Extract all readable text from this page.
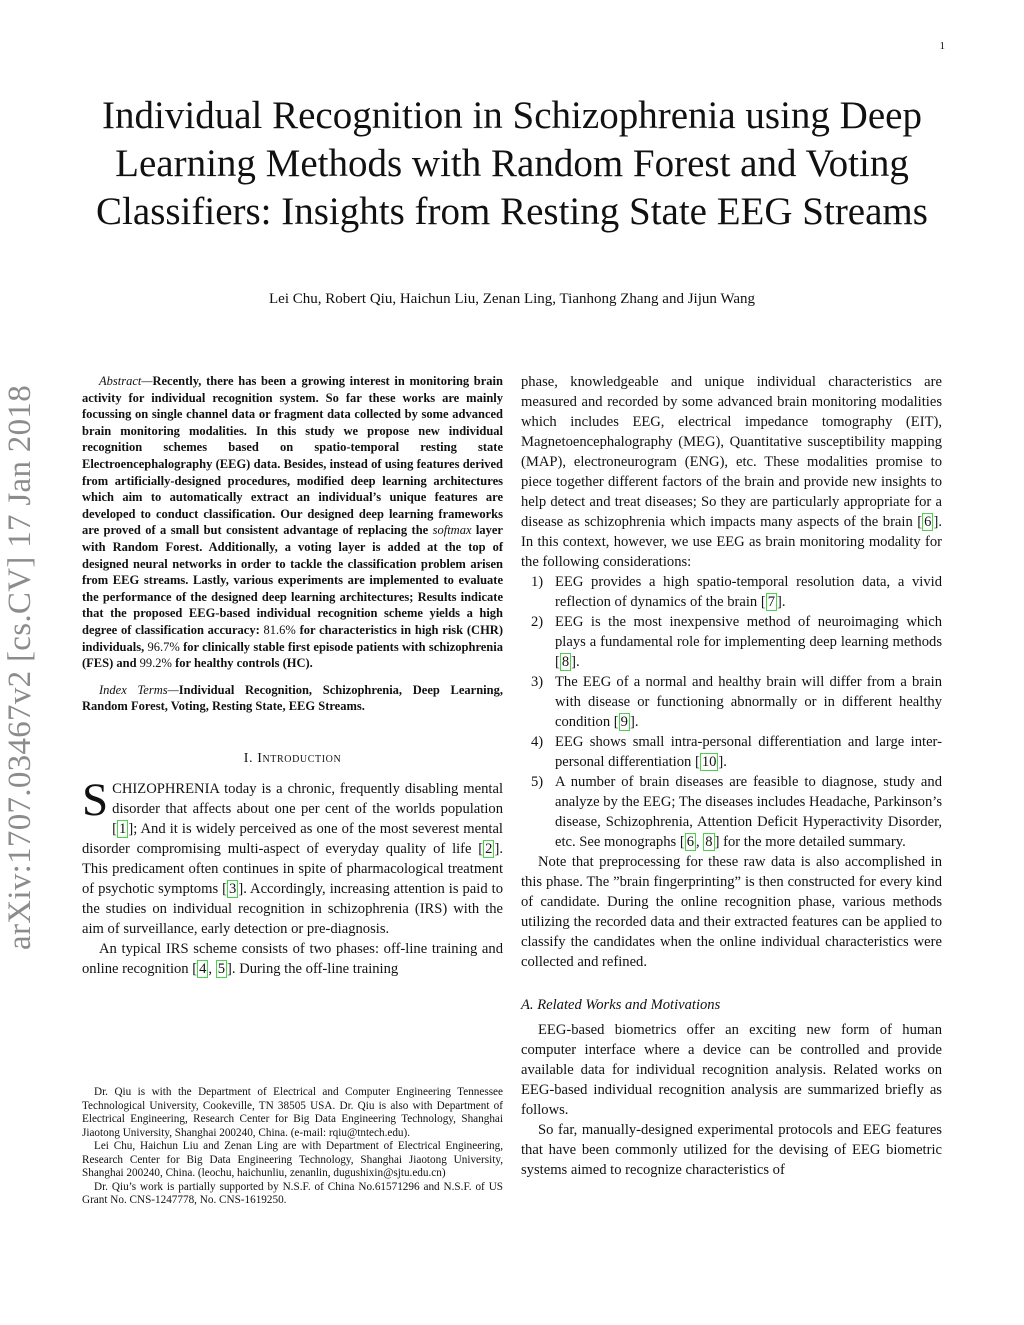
1
arXiv:1707.03467v2 [cs.CV] 17 Jan 2018
Individual Recognition in Schizophrenia using Deep Learning Methods with Random Forest and Voting Classifiers: Insights from Resting State EEG Streams
Lei Chu, Robert Qiu, Haichun Liu, Zenan Ling, Tianhong Zhang and Jijun Wang

Abstract—Recently, there has been a growing interest in monitoring brain activity for individual recognition system. So far these works are mainly focussing on single channel data or fragment data collected by some advanced brain monitoring modalities. In this study we propose new individual recognition schemes based on spatio-temporal resting state Electroencephalography (EEG) data. Besides, instead of using features derived from artificially-designed procedures, modified deep learning architectures which aim to automatically extract an individual’s unique features are developed to conduct classification. Our designed deep learning frameworks are proved of a small but consistent advantage of replacing the softmax layer with Random Forest. Additionally, a voting layer is added at the top of designed neural networks in order to tackle the classification problem arisen from EEG streams. Lastly, various experiments are implemented to evaluate the performance of the designed deep learning architectures; Results indicate that the proposed EEG-based individual recognition scheme yields a high degree of classification accuracy: 81.6% for characteristics in high risk (CHR) individuals, 96.7% for clinically stable first episode patients with schizophrenia (FES) and 99.2% for healthy controls (HC).

Index Terms—Individual Recognition, Schizophrenia, Deep Learning, Random Forest, Voting, Resting State, EEG Streams.

I. Introduction

SCHIZOPHRENIA today is a chronic, frequently disabling mental disorder that affects about one per cent of the worlds population [ 1 ]; And it is widely perceived as one of the most severest mental disorder compromising multi-aspect of everyday quality of life [ 2 ]. This predicament often continues in spite of pharmacological treatment of psychotic symptoms [ 3 ]. Accordingly, increasing attention is paid to the studies on individual recognition in schizophrenia (IRS) with the aim of surveillance, early detection or pre-diagnosis.

An typical IRS scheme consists of two phases: off-line training and online recognition [ 4 , 5 ]. During the off-line training

Dr. Qiu is with the Department of Electrical and Computer Engineering Tennessee Technological University, Cookeville, TN 38505 USA. Dr. Qiu is also with Department of Electrical Engineering, Research Center for Big Data Engineering Technology, Shanghai Jiaotong University, Shanghai 200240, China. (e-mail: rqiu@tntech.edu).

Lei Chu, Haichun Liu and Zenan Ling are with Department of Electrical Engineering, Research Center for Big Data Engineering Technology, Shanghai Jiaotong University, Shanghai 200240, China. (leochu, haichunliu, zenanlin, dugushixin@sjtu.edu.cn)

Dr. Qiu’s work is partially supported by N.S.F. of China No.61571296 and N.S.F. of US Grant No. CNS-1247778, No. CNS-1619250.

phase, knowledgeable and unique individual characteristics are measured and recorded by some advanced brain monitoring modalities which includes EEG, electrical impedance tomography (EIT), Magnetoencephalography (MEG), Quantitative susceptibility mapping (MAP), electroneurogram (ENG), etc. These modalities promise to piece together different factors of the brain and provide new insights to help detect and treat diseases; So they are particularly appropriate for a disease as schizophrenia which impacts many aspects of the brain [ 6 ]. In this context, however, we use EEG as brain monitoring modality for the following considerations:

1) EEG provides a high spatio-temporal resolution data, a vivid reflection of dynamics of the brain [ 7 ].
2) EEG is the most inexpensive method of neuroimaging which plays a fundamental role for implementing deep learning methods [ 8 ].
3) The EEG of a normal and healthy brain will differ from a brain with disease or functioning abnormally or in different healthy condition [ 9 ].
4) EEG shows small intra-personal differentiation and large inter-personal differentiation [ 10 ].
5) A number of brain diseases are feasible to diagnose, study and analyze by the EEG; The diseases includes Headache, Parkinson’s disease, Schizophrenia, Attention Deficit Hyperactivity Disorder, etc. See monographs [ 6 , 8 ] for the more detailed summary.

Note that preprocessing for these raw data is also accomplished in this phase. The ”brain fingerprinting” is then constructed for every kind of candidate. During the online recognition phase, various methods utilizing the recorded data and their extracted features can be applied to classify the candidates when the online individual characteristics were collected and refined.

A. Related Works and Motivations

EEG-based biometrics offer an exciting new form of human computer interface where a device can be controlled and provide available data for individual recognition analysis. Related works on EEG-based individual recognition analysis are summarized briefly as follows.

So far, manually-designed experimental protocols and EEG features that have been commonly utilized for the devising of EEG biometric systems aimed to recognize characteristics of
